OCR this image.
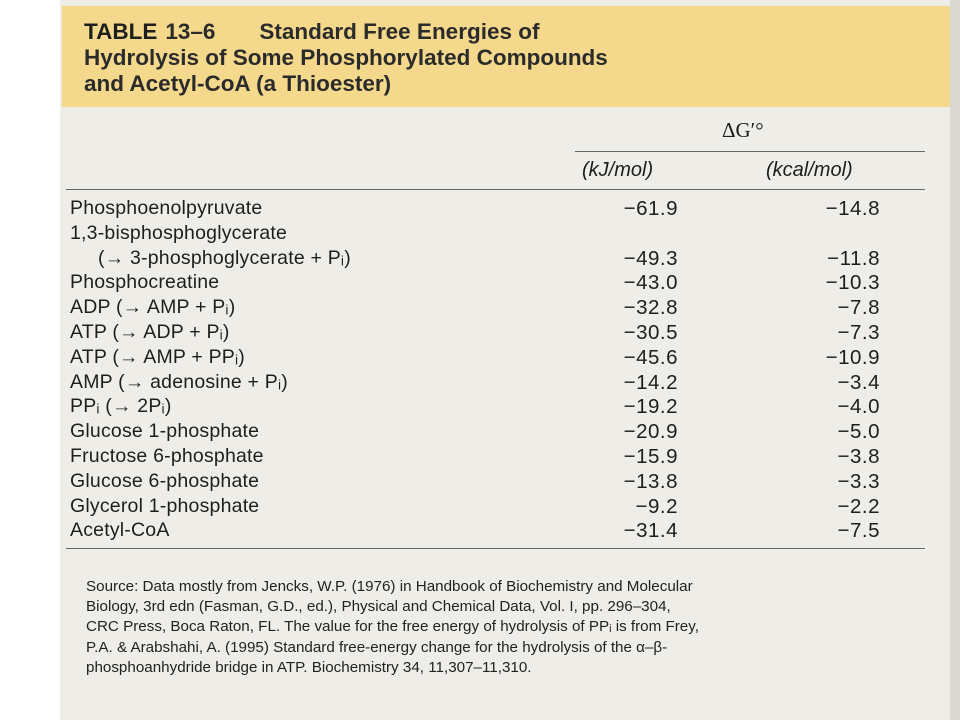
TABLE 13–6 Standard Free Energies of
Hydrolysis of Some Phosphorylated Compounds
and Acetyl-CoA (a Thioester)
ΔG′°
(kJ/mol)	(kcal/mol)
Phosphoenolpyruvate	−61.9	−14.8
1,3-bisphosphoglycerate
(→ 3-phosphoglycerate + Pᵢ)	−49.3	−11.8
Phosphocreatine	−43.0	−10.3
ADP (→ AMP + Pᵢ)	−32.8	−7.8
ATP (→ ADP + Pᵢ)	−30.5	−7.3
ATP (→ AMP + PPᵢ)	−45.6	−10.9
AMP (→ adenosine + Pᵢ)	−14.2	−3.4
PPᵢ (→ 2Pᵢ)	−19.2	−4.0
Glucose 1-phosphate	−20.9	−5.0
Fructose 6-phosphate	−15.9	−3.8
Glucose 6-phosphate	−13.8	−3.3
Glycerol 1-phosphate	−9.2	−2.2
Acetyl-CoA	−31.4	−7.5
Source: Data mostly from Jencks, W.P. (1976) in Handbook of Biochemistry and Molecular
Biology, 3rd edn (Fasman, G.D., ed.), Physical and Chemical Data, Vol. I, pp. 296–304,
CRC Press, Boca Raton, FL. The value for the free energy of hydrolysis of PPᵢ is from Frey,
P.A. & Arabshahi, A. (1995) Standard free-energy change for the hydrolysis of the α–β-
phosphoanhydride bridge in ATP. Biochemistry 34, 11,307–11,310.
